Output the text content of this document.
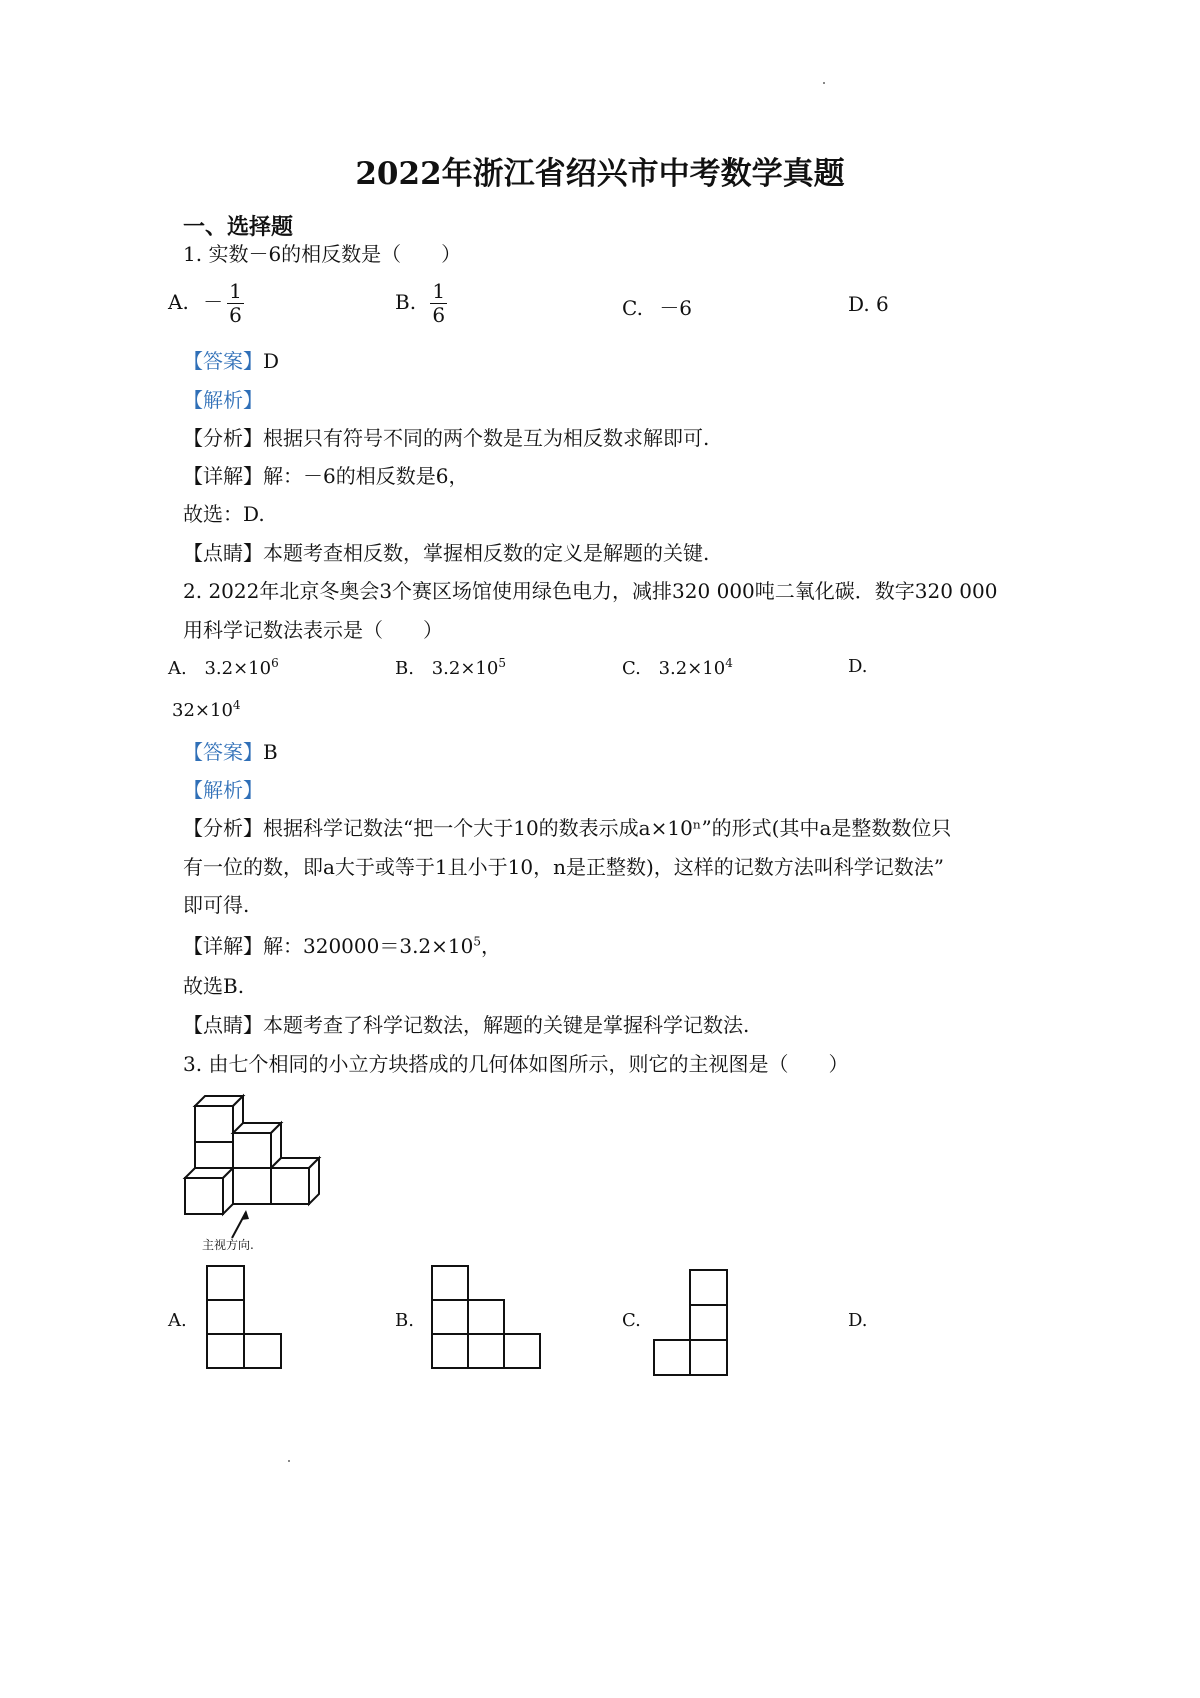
2022年浙江省绍兴市中考数学真题
一、选择题
1. 实数－6的相反数是（　　）
A. － $\frac{1}{6}$	B. $\frac{1}{6}$	C. －6	D. 6
【答案】D
【解析】
【分析】根据只有符号不同的两个数是互为相反数求解即可.
【详解】解：－6的相反数是6，
故选：D.
【点睛】本题考查相反数，掌握相反数的定义是解题的关键.
2. 2022年北京冬奥会3个赛区场馆使用绿色电力，减排320 000吨二氧化碳．数字320 000
用科学记数法表示是（　　）
A. $3.2\times 10^6$	B. $3.2\times 10^5$	C. $3.2\times 10^4$	D.
$32\times 10^4$
【答案】B
【解析】
【分析】根据科学记数法“把一个大于10的数表示成a×10ⁿ”的形式(其中a是整数数位只
有一位的数，即a大于或等于1且小于10，n是正整数)，这样的记数方法叫科学记数法”
即可得.
【详解】解：$320000=3.2\times 10^5$，
故选B.
【点睛】本题考查了科学记数法，解题的关键是掌握科学记数法.
3. 由七个相同的小立方块搭成的几何体如图所示，则它的主视图是（　　）
主视方向.
A.	B.	C.	D.
